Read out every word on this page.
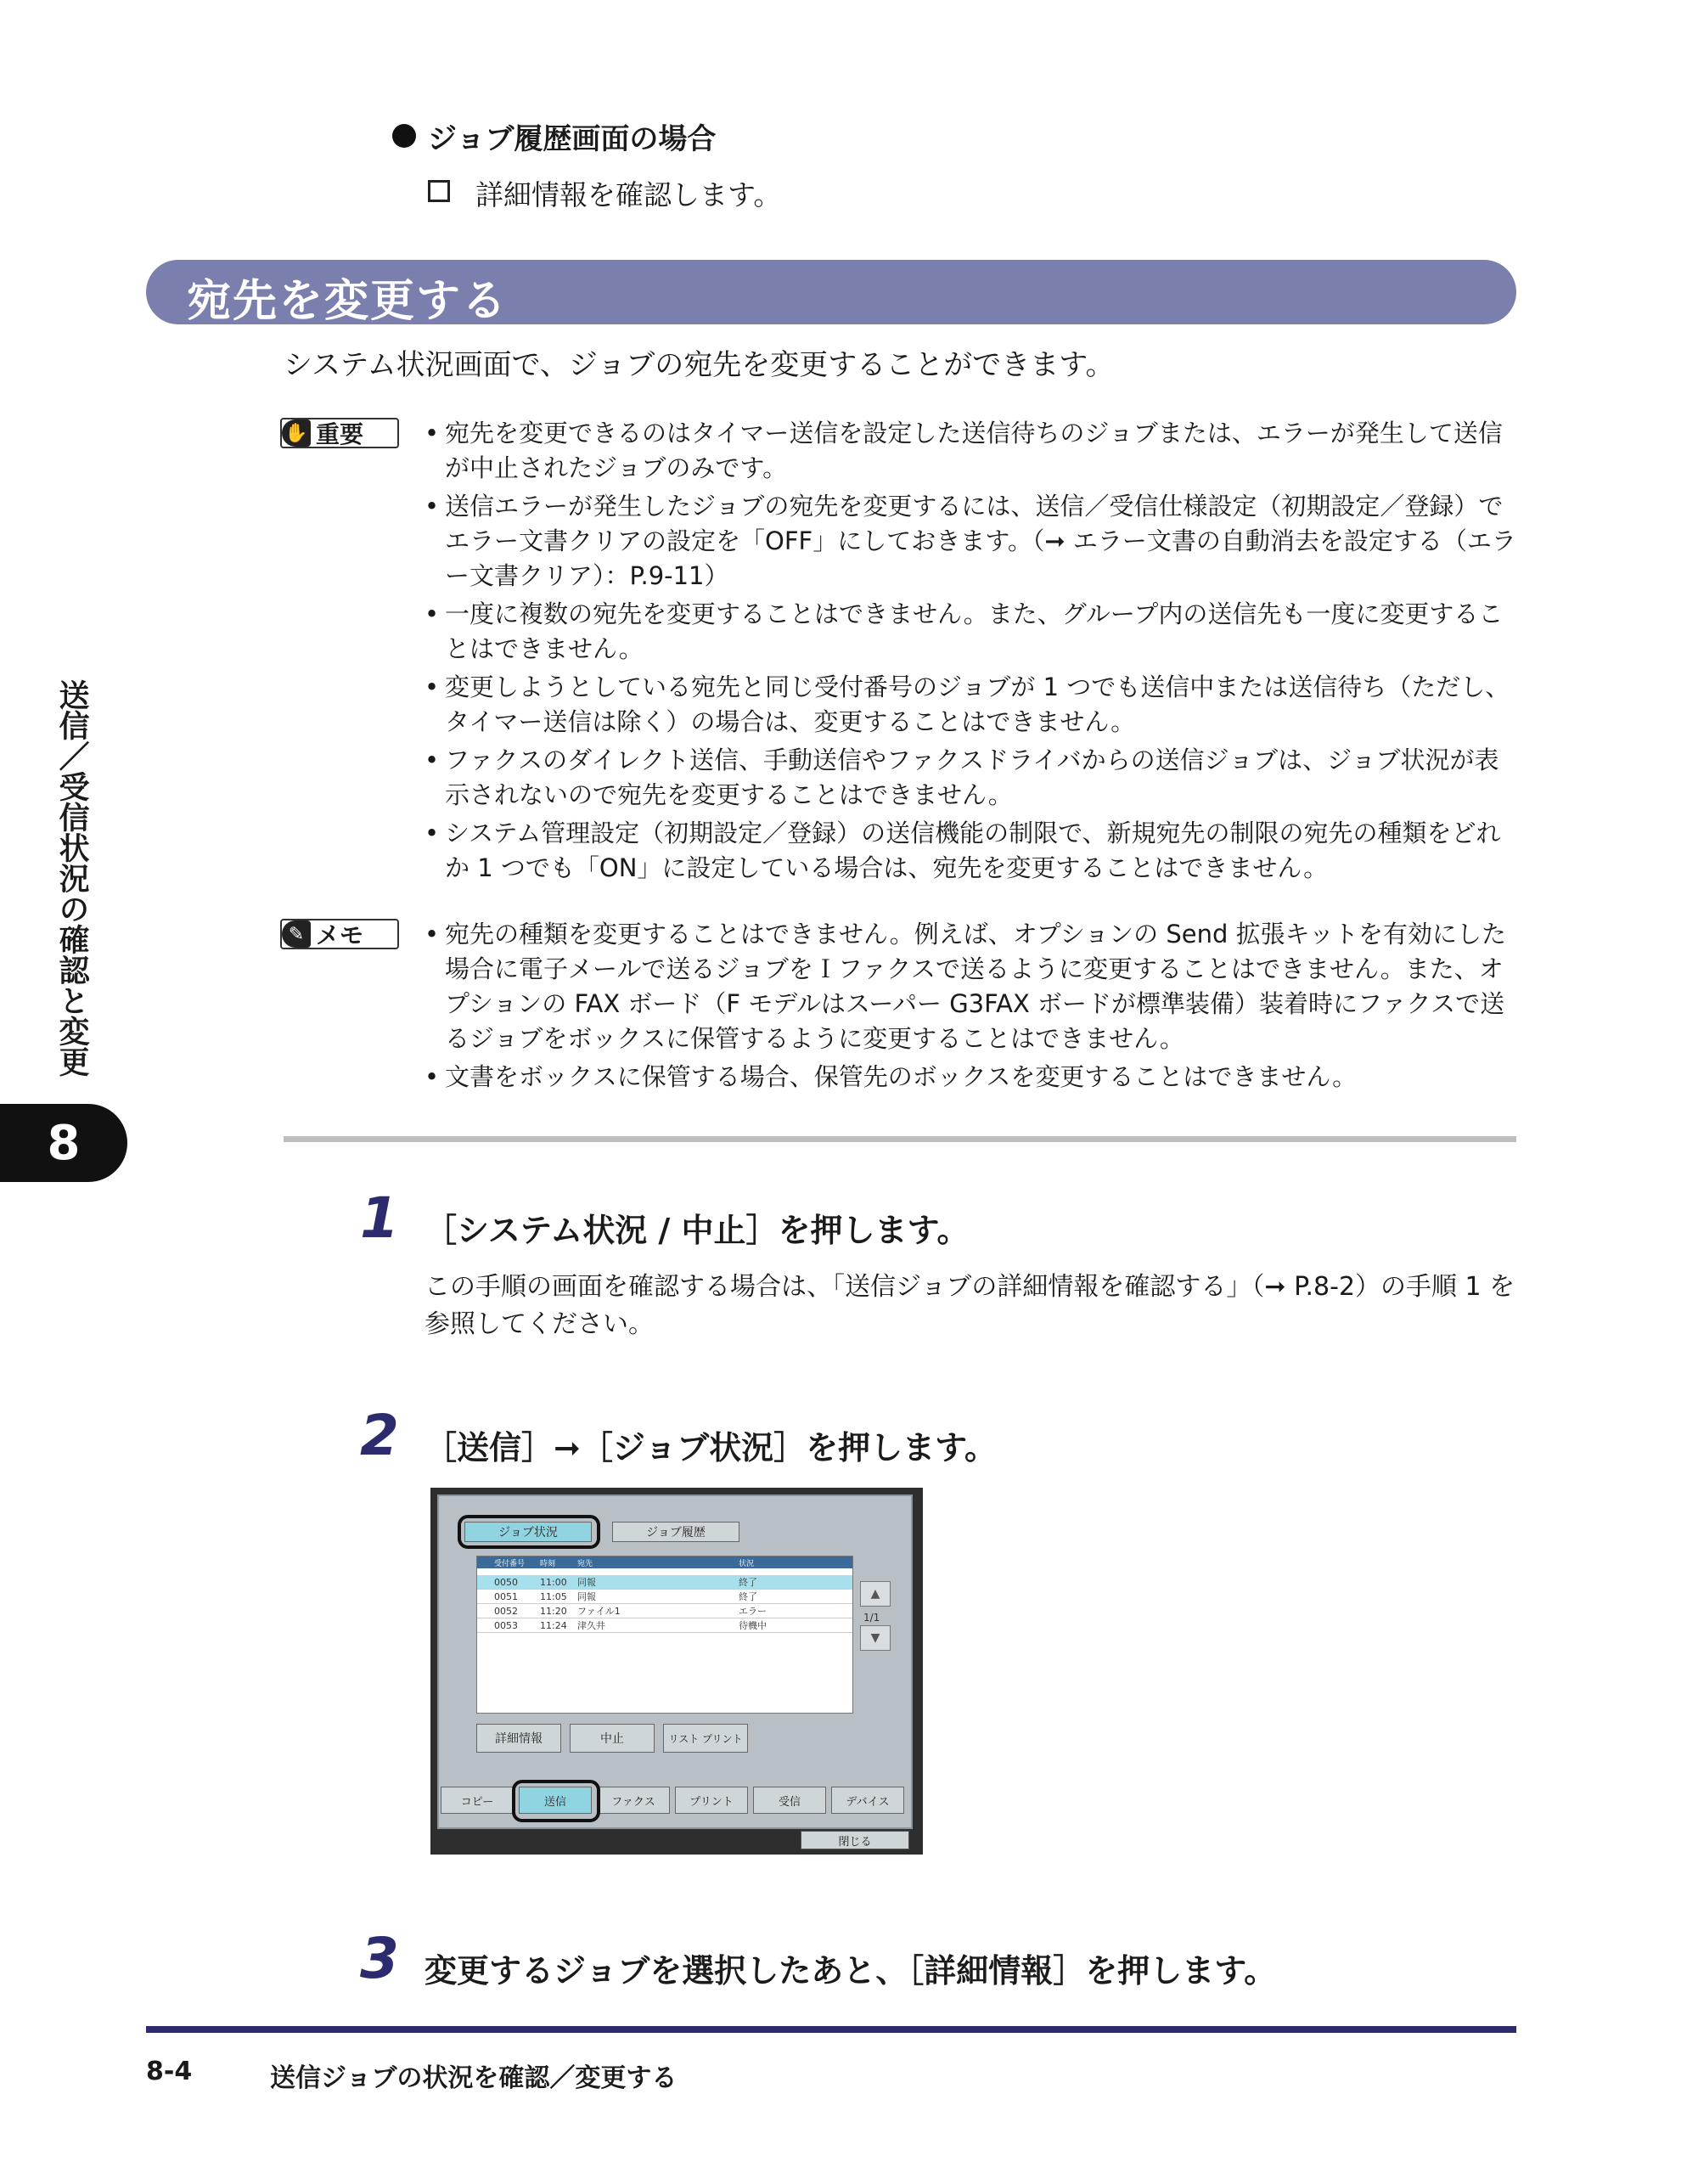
ジョブ履歴画面の場合
詳細情報を確認します。
宛先を変更する
システム状況画面で、ジョブの宛先を変更することができます。
✋ 重要	• 宛先を変更できるのはタイマー送信を設定した送信待ちのジョブまたは、エラーが発生して送信が中止されたジョブのみです。
• 送信エラーが発生したジョブの宛先を変更するには、送信／受信仕様設定（初期設定／登録）でエラー文書クリアの設定を「OFF」にしておきます。（➞ エラー文書の自動消去を設定する（エラー文書クリア）：P.9-11）
• 一度に複数の宛先を変更することはできません。また、グループ内の送信先も一度に変更することはできません。
• 変更しようとしている宛先と同じ受付番号のジョブが 1 つでも送信中または送信待ち（ただし、タイマー送信は除く）の場合は、変更することはできません。
• ファクスのダイレクト送信、手動送信やファクスドライバからの送信ジョブは、ジョブ状況が表示されないので宛先を変更することはできません。
• システム管理設定（初期設定／登録）の送信機能の制限で、新規宛先の制限の宛先の種類をどれか 1 つでも「ON」に設定している場合は、宛先を変更することはできません。
✎ メモ	• 宛先の種類を変更することはできません。例えば、オプションの Send 拡張キットを有効にした場合に電子メールで送るジョブをＩファクスで送るように変更することはできません。また、オプションの FAX ボード（F モデルはスーパー G3FAX ボードが標準装備）装着時にファクスで送るジョブをボックスに保管するように変更することはできません。
• 文書をボックスに保管する場合、保管先のボックスを変更することはできません。
1 ［システム状況 / 中止］を押します。
この手順の画面を確認する場合は、「送信ジョブの詳細情報を確認する」（➞ P.8-2）の手順 1 を参照してください。
2 ［送信］➞［ジョブ状況］を押します。
ジョブ状況	ジョブ履歴
受付番号	時刻	宛先	状況
0050	11:00	同報	終了
0051	11:05	同報	終了
0052	11:20	ファイル1	エラー
0053	11:24	津久井	待機中
▲
1/1
▼
詳細情報	中止	リスト プリント
コピー	送信	ファクス	プリント	受信	デバイス
閉じる
3 変更するジョブを選択したあと、［詳細情報］を押します。
送信／受信状況の確認と変更
8
8-4	送信ジョブの状況を確認／変更する
